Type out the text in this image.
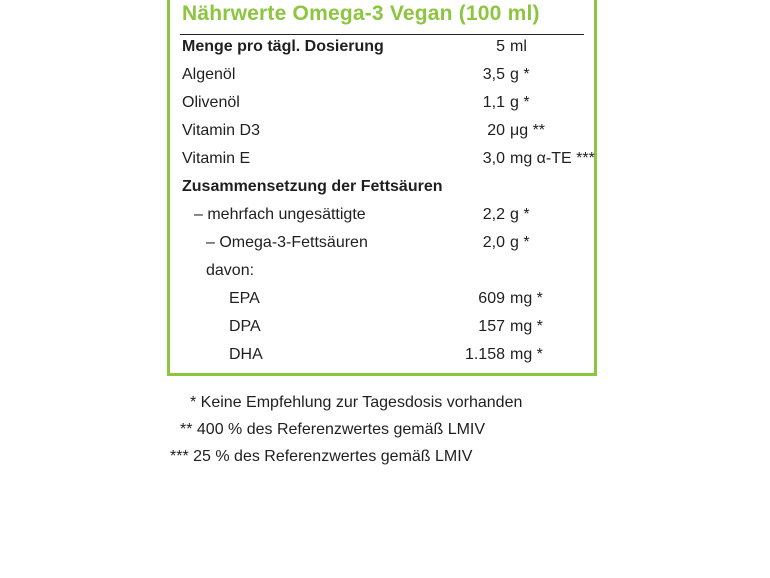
Nährwerte Omega-3 Vegan (100 ml)
Menge pro tägl. Dosierung	5 ml
Algenöl	3,5 g *
Olivenöl	1,1 g *
Vitamin D3	20 μg **
Vitamin E	3,0 mg α-TE ***
Zusammensetzung der Fettsäuren
– mehrfach ungesättigte	2,2 g *
– Omega-3-Fettsäuren	2,0 g *
davon:
EPA	609 mg *
DPA	157 mg *
DHA	1.158 mg *
* Keine Empfehlung zur Tagesdosis vorhanden
** 400 % des Referenzwertes gemäß LMIV
*** 25 % des Referenzwertes gemäß LMIV
